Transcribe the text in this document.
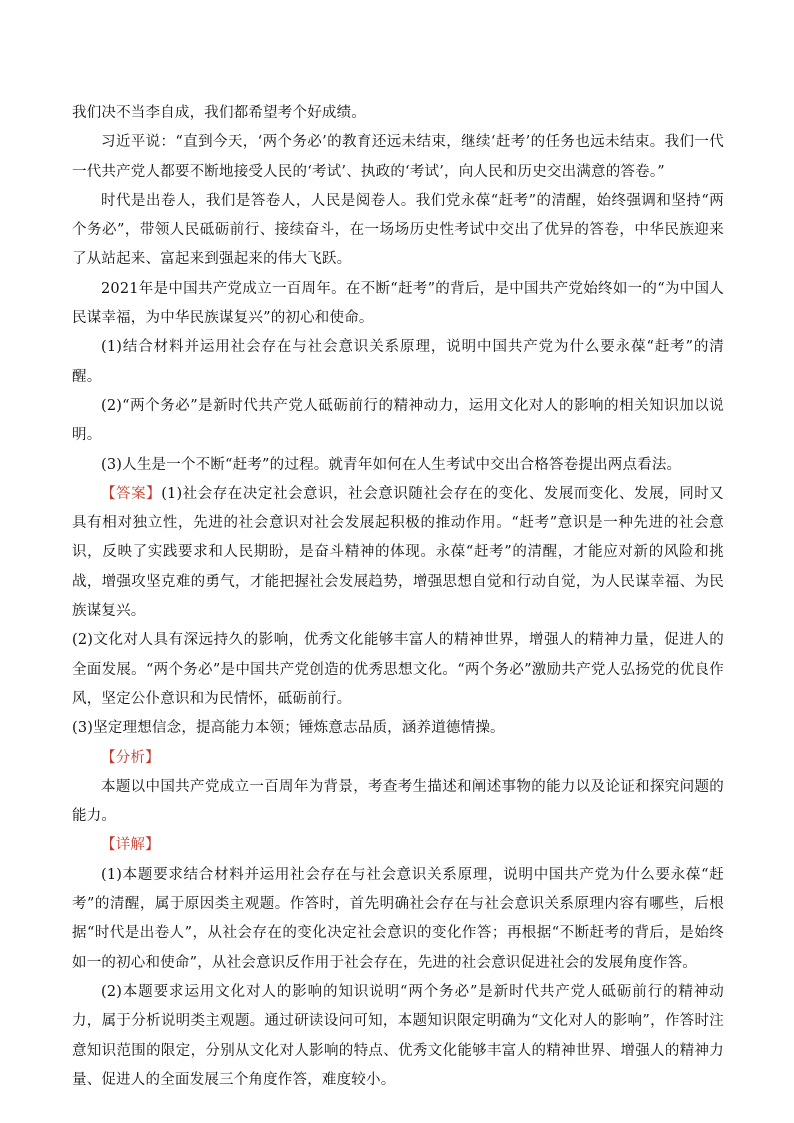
我们决不当李自成，我们都希望考个好成绩。

习近平说：“直到今天，‘两个务必’的教育还远未结束，继续‘赶考’的任务也远未结束。我们一代一代共产党人都要不断地接受人民的‘考试’、执政的‘考试’，向人民和历史交出满意的答卷。”

时代是出卷人，我们是答卷人，人民是阅卷人。我们党永葆“赶考”的清醒，始终强调和坚持“两个务必”，带领人民砥砺前行、接续奋斗，在一场场历史性考试中交出了优异的答卷，中华民族迎来了从站起来、富起来到强起来的伟大飞跃。

2021年是中国共产党成立一百周年。在不断“赶考”的背后，是中国共产党始终如一的“为中国人民谋幸福，为中华民族谋复兴”的初心和使命。

(1)结合材料并运用社会存在与社会意识关系原理，说明中国共产党为什么要永葆“赶考”的清醒。

(2)“两个务必”是新时代共产党人砥砺前行的精神动力，运用文化对人的影响的相关知识加以说明。

(3)人生是一个不断“赶考”的过程。就青年如何在人生考试中交出合格答卷提出两点看法。

【答案】(1)社会存在决定社会意识，社会意识随社会存在的变化、发展而变化、发展，同时又具有相对独立性，先进的社会意识对社会发展起积极的推动作用。“赶考”意识是一种先进的社会意识，反映了实践要求和人民期盼，是奋斗精神的体现。永葆“赶考”的清醒，才能应对新的风险和挑战，增强攻坚克难的勇气，才能把握社会发展趋势，增强思想自觉和行动自觉，为人民谋幸福、为民族谋复兴。

(2)文化对人具有深远持久的影响，优秀文化能够丰富人的精神世界，增强人的精神力量，促进人的全面发展。“两个务必”是中国共产党创造的优秀思想文化。“两个务必”激励共产党人弘扬党的优良作风，坚定公仆意识和为民情怀，砥砺前行。

(3)坚定理想信念，提高能力本领；锤炼意志品质，涵养道德情操。

【分析】

本题以中国共产党成立一百周年为背景，考查考生描述和阐述事物的能力以及论证和探究问题的能力。

【详解】

(1)本题要求结合材料并运用社会存在与社会意识关系原理，说明中国共产党为什么要永葆“赶考”的清醒，属于原因类主观题。作答时，首先明确社会存在与社会意识关系原理内容有哪些，后根据“时代是出卷人”，从社会存在的变化决定社会意识的变化作答；再根据“不断赶考的背后，是始终如一的初心和使命”，从社会意识反作用于社会存在，先进的社会意识促进社会的发展角度作答。

(2)本题要求运用文化对人的影响的知识说明“两个务必”是新时代共产党人砥砺前行的精神动力，属于分析说明类主观题。通过研读设问可知，本题知识限定明确为“文化对人的影响”，作答时注意知识范围的限定，分别从文化对人影响的特点、优秀文化能够丰富人的精神世界、增强人的精神力量、促进人的全面发展三个角度作答，难度较小。
